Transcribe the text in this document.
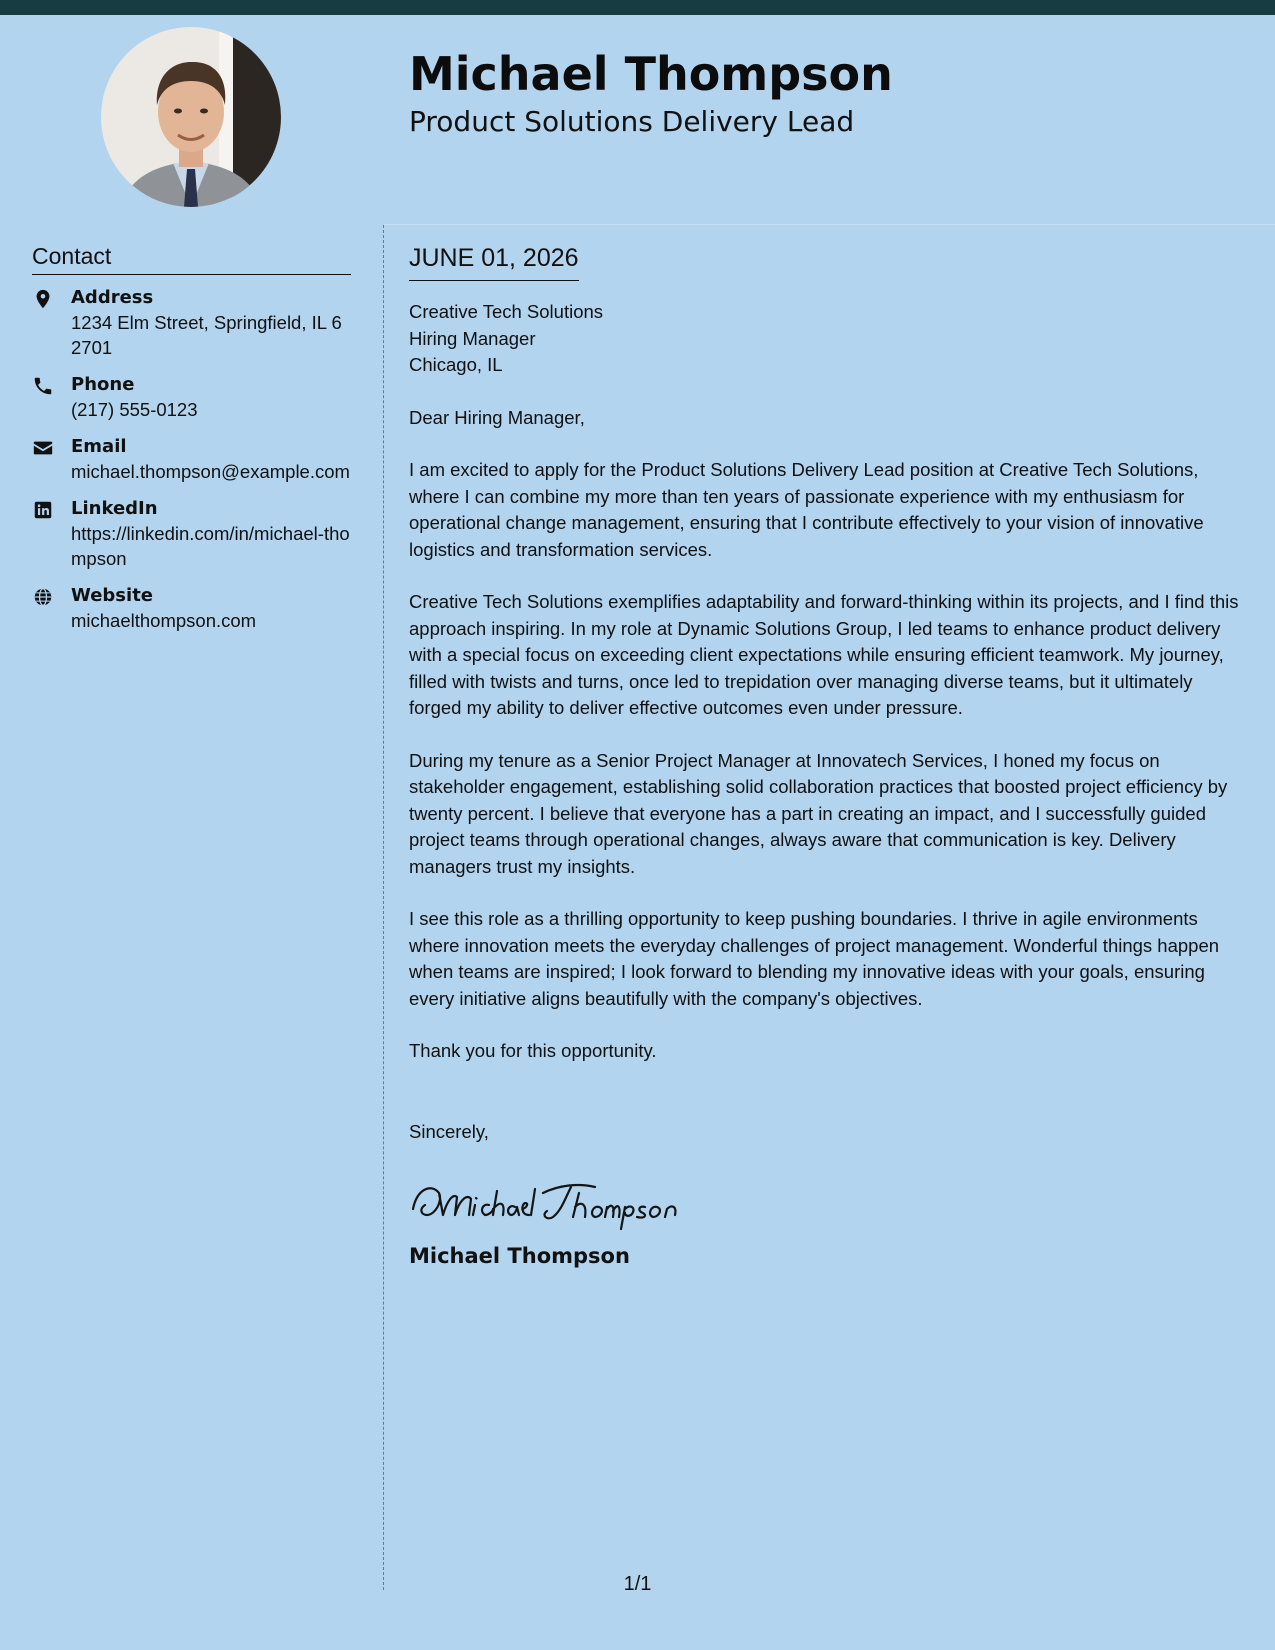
Michael Thompson
Product Solutions Delivery Lead
Contact
Address
1234 Elm Street, Springfield, IL 62701
Phone
(217) 555-0123
Email
michael.thompson@example.com
LinkedIn
https://linkedin.com/in/michael-thompson
Website
michaelthompson.com
JUNE 01, 2026
Creative Tech Solutions
Hiring Manager
Chicago, IL

Dear Hiring Manager,

I am excited to apply for the Product Solutions Delivery Lead position at Creative Tech Solutions, where I can combine my more than ten years of passionate experience with my enthusiasm for operational change management, ensuring that I contribute effectively to your vision of innovative logistics and transformation services.

Creative Tech Solutions exemplifies adaptability and forward-thinking within its projects, and I find this approach inspiring. In my role at Dynamic Solutions Group, I led teams to enhance product delivery with a special focus on exceeding client expectations while ensuring efficient teamwork. My journey, filled with twists and turns, once led to trepidation over managing diverse teams, but it ultimately forged my ability to deliver effective outcomes even under pressure.

During my tenure as a Senior Project Manager at Innovatech Services, I honed my focus on stakeholder engagement, establishing solid collaboration practices that boosted project efficiency by twenty percent. I believe that everyone has a part in creating an impact, and I successfully guided project teams through operational changes, always aware that communication is key. Delivery managers trust my insights.

I see this role as a thrilling opportunity to keep pushing boundaries. I thrive in agile environments where innovation meets the everyday challenges of project management. Wonderful things happen when teams are inspired; I look forward to blending my innovative ideas with your goals, ensuring every initiative aligns beautifully with the company's objectives.

Thank you for this opportunity.

Sincerely,

Michael Thompson

1/1
